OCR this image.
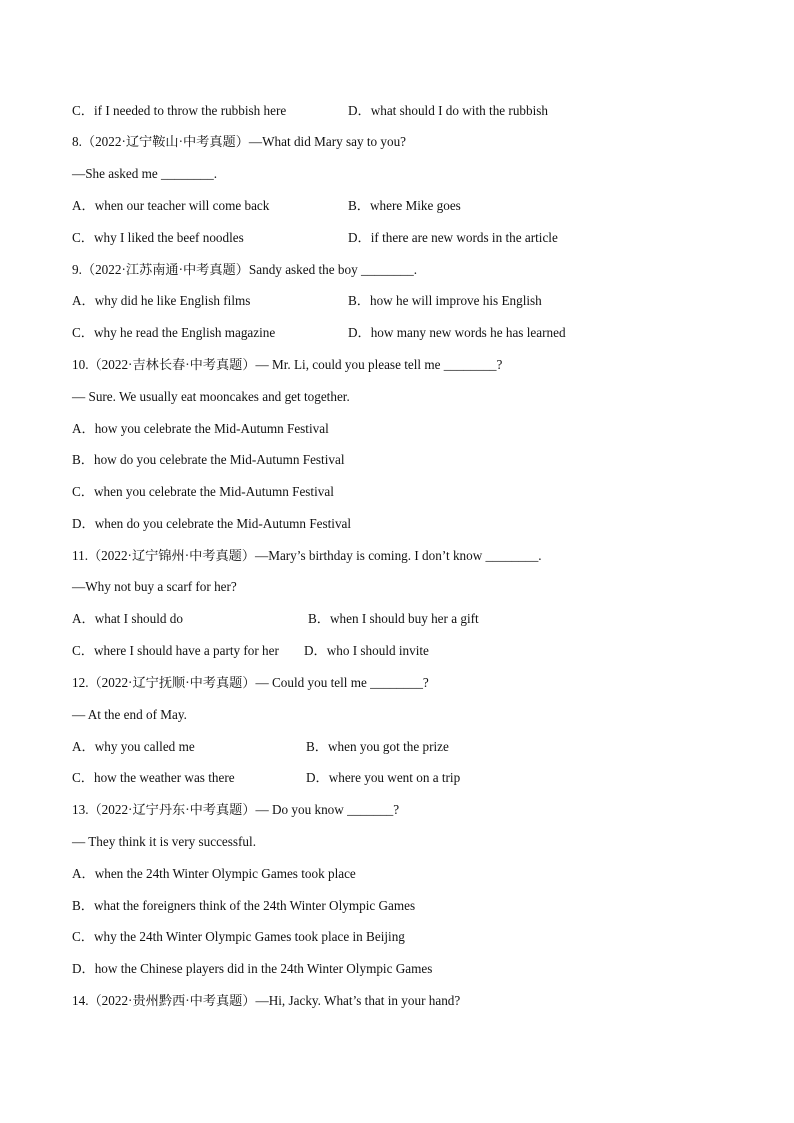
C．if I needed to throw the rubbish here	D．what should I do with the rubbish
8.（2022·辽宁鞍山·中考真题）—What did Mary say to you?
—She asked me ________.
A．when our teacher will come back	B．where Mike goes
C．why I liked the beef noodles	D．if there are new words in the article
9.（2022·江苏南通·中考真题）Sandy asked the boy ________.
A．why did he like English films	B．how he will improve his English
C．why he read the English magazine	D．how many new words he has learned
10.（2022·吉林长春·中考真题）— Mr. Li, could you please tell me ________?
— Sure. We usually eat mooncakes and get together.
A．how you celebrate the Mid-Autumn Festival
B．how do you celebrate the Mid-Autumn Festival
C．when you celebrate the Mid-Autumn Festival
D．when do you celebrate the Mid-Autumn Festival
11.（2022·辽宁锦州·中考真题）—Mary’s birthday is coming. I don’t know ________.
—Why not buy a scarf for her?
A．what I should do	B．when I should buy her a gift
C．where I should have a party for her D．who I should invite
12.（2022·辽宁抚顺·中考真题）— Could you tell me ________?
— At the end of May.
A．why you called me	B．when you got the prize
C．how the weather was there	D．where you went on a trip
13.（2022·辽宁丹东·中考真题）— Do you know _______?
— They think it is very successful.
A．when the 24th Winter Olympic Games took place
B．what the foreigners think of the 24th Winter Olympic Games
C．why the 24th Winter Olympic Games took place in Beijing
D．how the Chinese players did in the 24th Winter Olympic Games
14.（2022·贵州黔西·中考真题）—Hi, Jacky. What’s that in your hand?
